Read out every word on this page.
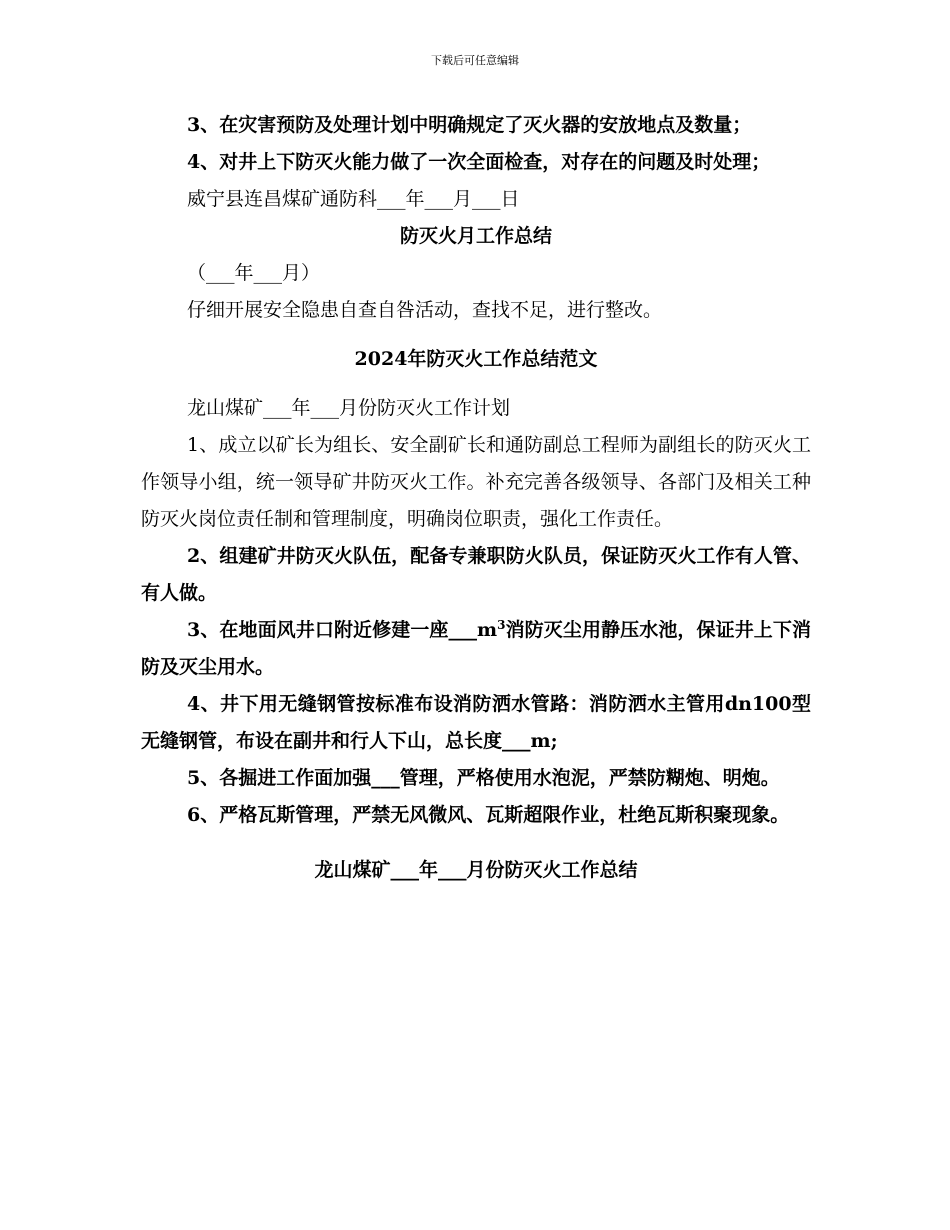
下载后可任意编辑

3、在灾害预防及处理计划中明确规定了灭火器的安放地点及数量；

4、对井上下防灭火能力做了一次全面检查，对存在的问题及时处理；

威宁县连昌煤矿通防科___年___月___日

防灭火月工作总结

（___年___月）

仔细开展安全隐患自查自咎活动，查找不足，进行整改。

2024年防灭火工作总结范文

龙山煤矿___年___月份防灭火工作计划

1、成立以矿长为组长、安全副矿长和通防副总工程师为副组长的防灭火工作领导小组，统一领导矿井防灭火工作。补充完善各级领导、各部门及相关工种防灭火岗位责任制和管理制度，明确岗位职责，强化工作责任。

2、组建矿井防灭火队伍，配备专兼职防火队员，保证防灭火工作有人管、有人做。

3、在地面风井口附近修建一座$\_\_\_m^3$消防灭尘用静压水池，保证井上下消防及灭尘用水。

4、井下用无缝钢管按标准布设消防洒水管路：消防洒水主管用dn100型无缝钢管，布设在副井和行人下山，总长度___m;

5、各掘进工作面加强___管理，严格使用水泡泥，严禁防糊炮、明炮。

6、严格瓦斯管理，严禁无风微风、瓦斯超限作业，杜绝瓦斯积聚现象。

龙山煤矿___年___月份防灭火工作总结
